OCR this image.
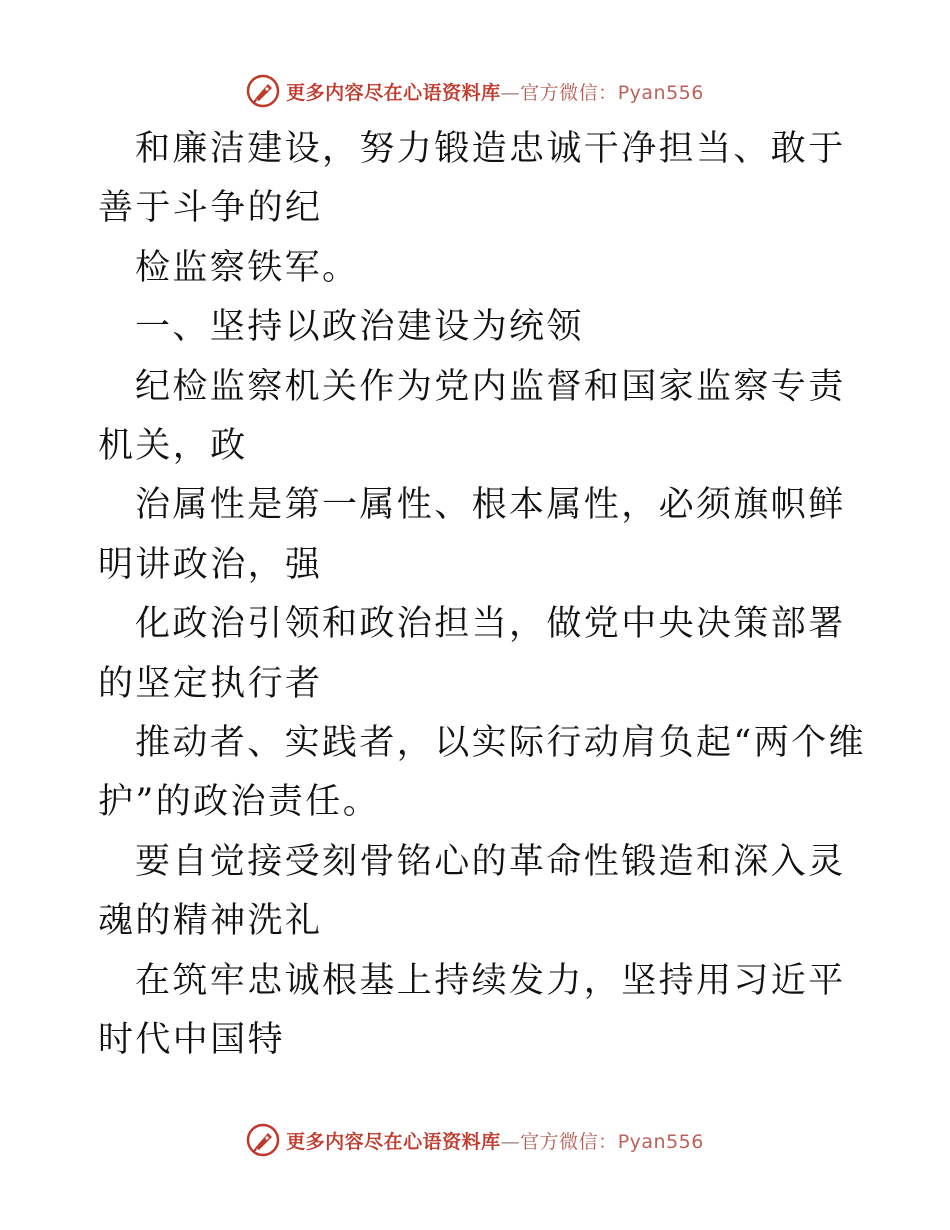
更多内容尽在心语资料库—官方微信：Pyan556

和廉洁建设，努力锻造忠诚干净担当、敢于善于斗争的纪

检监察铁军。

一、坚持以政治建设为统领

纪检监察机关作为党内监督和国家监察专责机关，政

治属性是第一属性、根本属性，必须旗帜鲜明讲政治，强

化政治引领和政治担当，做党中央决策部署的坚定执行者

推动者、实践者，以实际行动肩负起“两个维护”的政治责任。

要自觉接受刻骨铭心的革命性锻造和深入灵魂的精神洗礼

在筑牢忠诚根基上持续发力，坚持用习近平时代中国特

更多内容尽在心语资料库—官方微信：Pyan556
